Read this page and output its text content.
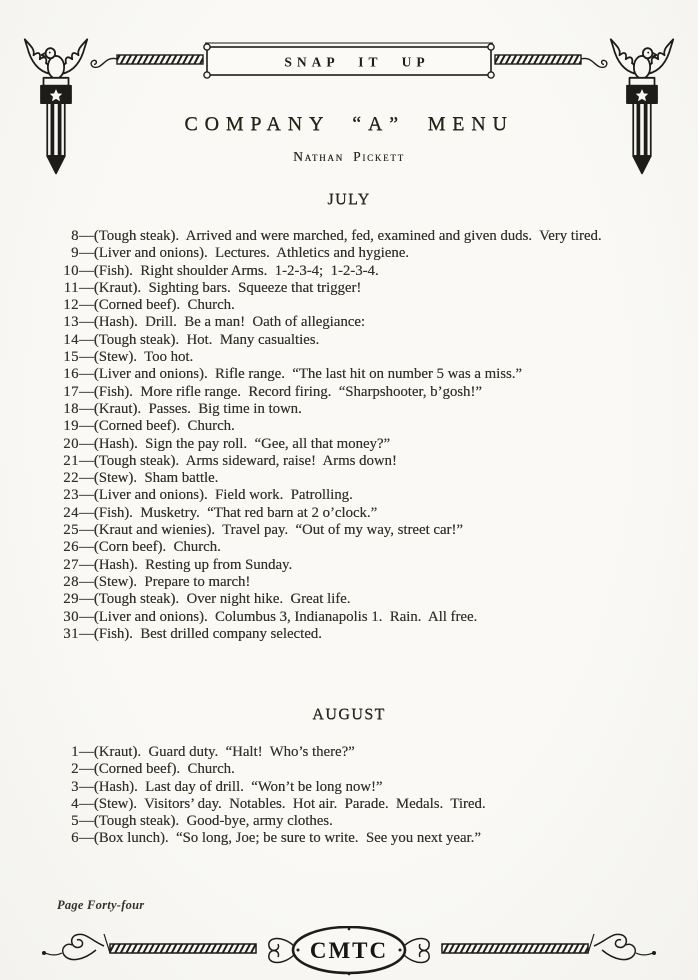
SNAP IT UP
COMPANY “A” MENU
Nathan Pickett
JULY
8 — (Tough steak).  Arrived and were marched, fed, examined and given duds.  Very tired.
9 — (Liver and onions).  Lectures.  Athletics and hygiene.
10 — (Fish).  Right shoulder Arms.  1-2-3-4;  1-2-3-4.
11 — (Kraut).  Sighting bars.  Squeeze that trigger!
12 — (Corned beef).  Church.
13 — (Hash).  Drill.  Be a man!  Oath of allegiance:
14 — (Tough steak).  Hot.  Many casualties.
15 — (Stew).  Too hot.
16 — (Liver and onions).  Rifle range.  “The last hit on number 5 was a miss.”
17 — (Fish).  More rifle range.  Record firing.  “Sharpshooter, b’gosh!”
18 — (Kraut).  Passes.  Big time in town.
19 — (Corned beef).  Church.
20 — (Hash).  Sign the pay roll.  “Gee, all that money?”
21 — (Tough steak).  Arms sideward, raise!  Arms down!
22 — (Stew).  Sham battle.
23 — (Liver and onions).  Field work.  Patrolling.
24 — (Fish).  Musketry.  “That red barn at 2 o’clock.”
25 — (Kraut and wienies).  Travel pay.  “Out of my way, street car!”
26 — (Corn beef).  Church.
27 — (Hash).  Resting up from Sunday.
28 — (Stew).  Prepare to march!
29 — (Tough steak).  Over night hike.  Great life.
30 — (Liver and onions).  Columbus 3, Indianapolis 1.  Rain.  All free.
31 — (Fish).  Best drilled company selected.
AUGUST
1 — (Kraut).  Guard duty.  “Halt!  Who’s there?”
2 — (Corned beef).  Church.
3 — (Hash).  Last day of drill.  “Won’t be long now!”
4 — (Stew).  Visitors’ day.  Notables.  Hot air.  Parade.  Medals.  Tired.
5 — (Tough steak).  Good-bye, army clothes.
6 — (Box lunch).  “So long, Joe; be sure to write.  See you next year.”
Page Forty-four
CMTC
